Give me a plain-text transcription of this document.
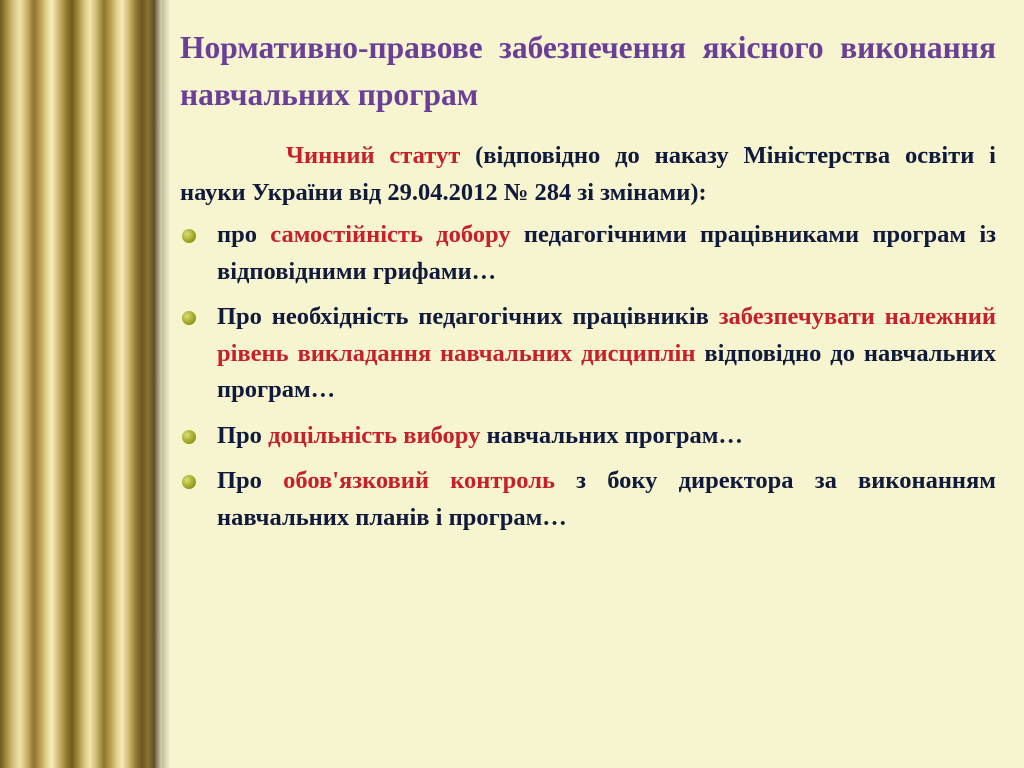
Нормативно-правове забезпечення якісного виконання навчальних програм

Чинний статут (відповідно до наказу Міністерства освіти і науки України від 29.04.2012 № 284 зі змінами):

про самостійність добору педагогічними працівниками програм із відповідними грифами…
Про необхідність педагогічних працівників забезпечувати належний рівень викладання навчальних дисциплін відповідно до навчальних програм…
Про доцільність вибору навчальних програм…
Про обов'язковий контроль з боку директора за виконанням навчальних планів і програм…
